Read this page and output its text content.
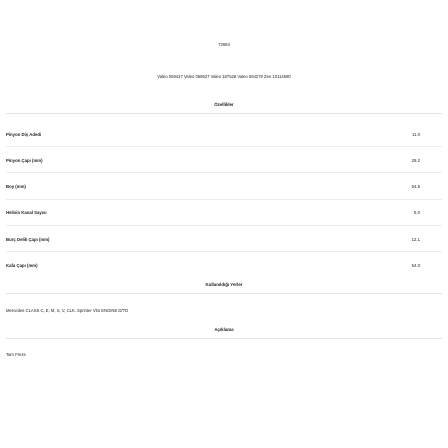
72694
Valeo 059427 Valeo 059527 Valeo 187528 Valeo 594279 Zen 10114580
Özellikler
Pinyon Diş Adedi	11.0
Pinyon Çapı (mm)	29.2
Boy (mm)	54.5
Helisin Kanal Sayısı	5.0
Burç Delik Çapı (mm)	12.1
Kafa Çapı (mm)	54.0
Kullanıldığı Yerler
Mercedes CLASS C, E, M, S, V, CLK. Sprinter Vito ENGINE D/TD
Açıklama
Tam Freze
